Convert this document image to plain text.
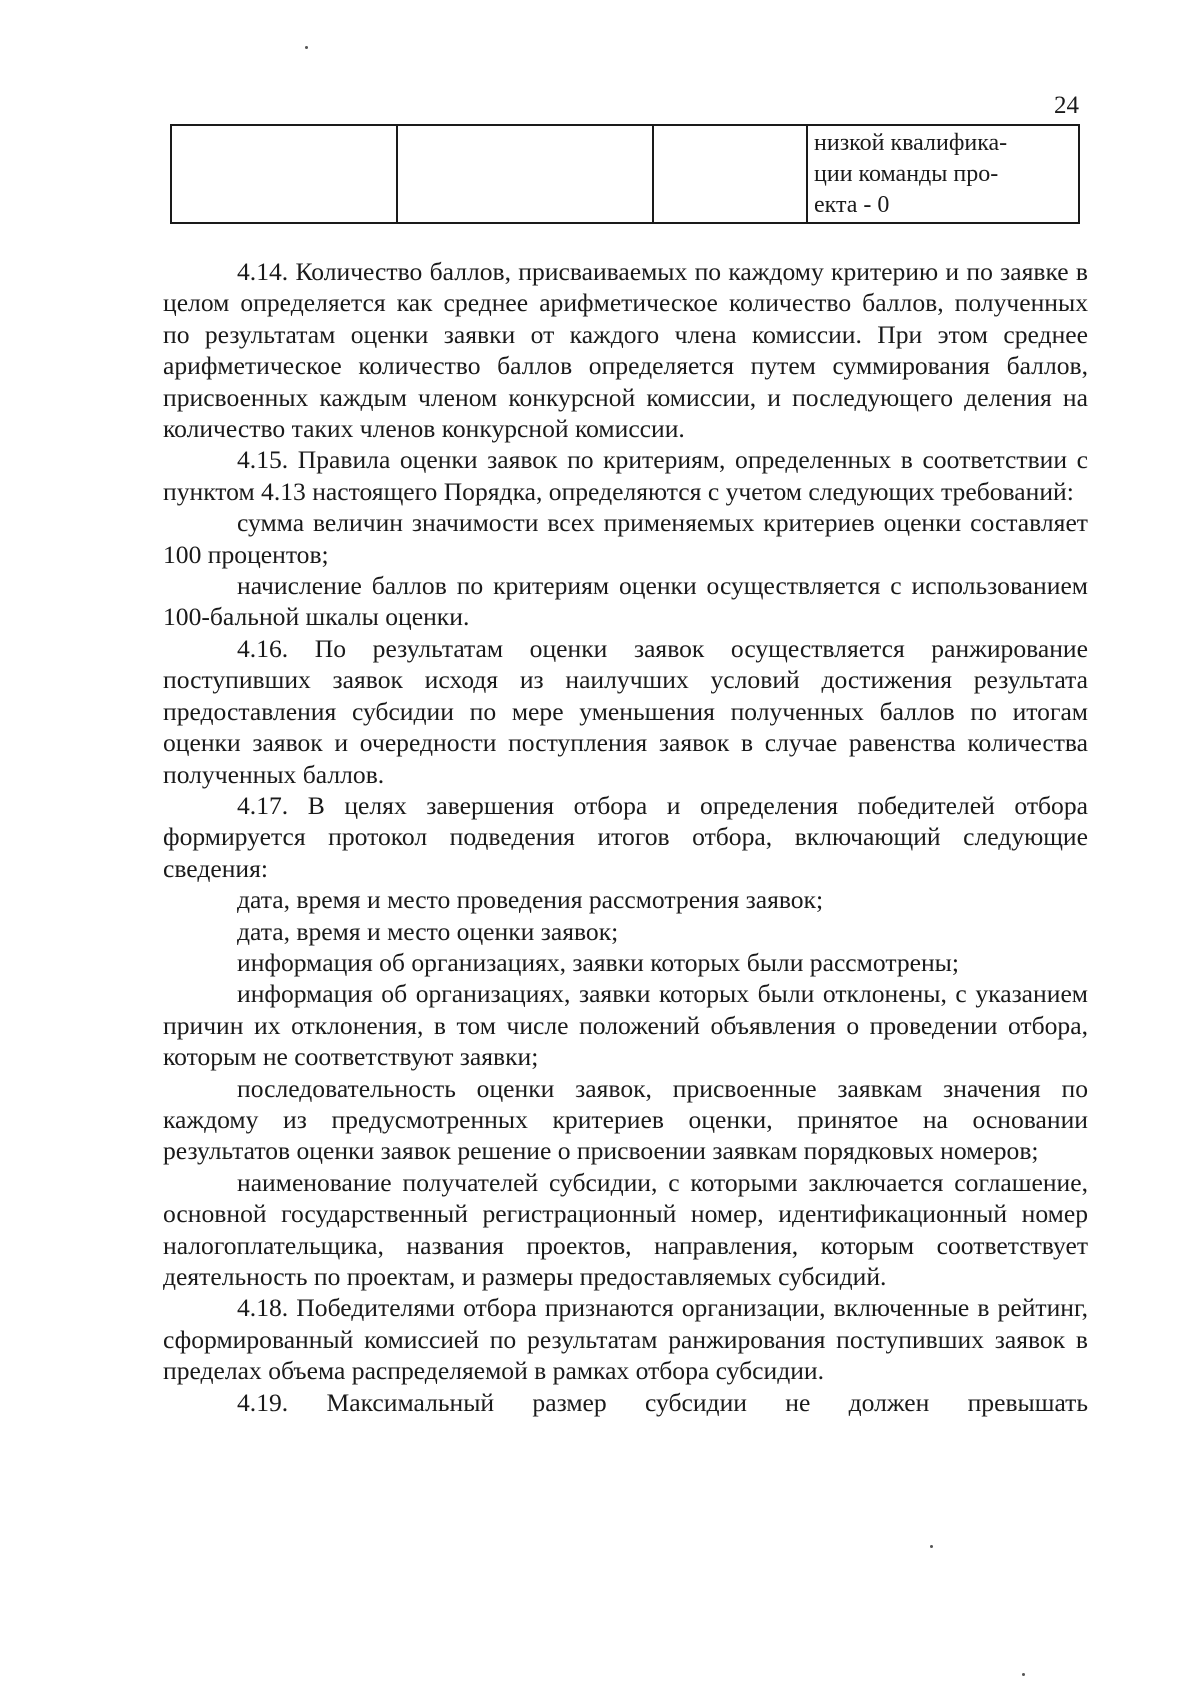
24
			низкой квалифика-
ции команды про-
екта - 0

4.14. Количество баллов, присваиваемых по каждому критерию и по заявке в целом определяется как среднее арифметическое количество баллов, полученных по результатам оценки заявки от каждого члена комиссии. При этом среднее арифметическое количество баллов определяется путем суммирования баллов, присвоенных каждым членом конкурсной комиссии, и последующего деления на количество таких членов конкурсной комиссии.

4.15. Правила оценки заявок по критериям, определенных в соответствии с пунктом 4.13 настоящего Порядка, определяются с учетом следующих требований:

сумма величин значимости всех применяемых критериев оценки составляет 100 процентов;

начисление баллов по критериям оценки осуществляется с использованием 100-бальной шкалы оценки.

4.16. По результатам оценки заявок осуществляется ранжирование поступивших заявок исходя из наилучших условий достижения результата предоставления субсидии по мере уменьшения полученных баллов по итогам оценки заявок и очередности поступления заявок в случае равенства количества полученных баллов.

4.17. В целях завершения отбора и определения победителей отбора формируется протокол подведения итогов отбора, включающий следующие сведения:

дата, время и место проведения рассмотрения заявок;

дата, время и место оценки заявок;

информация об организациях, заявки которых были рассмотрены;

информация об организациях, заявки которых были отклонены, с указанием причин их отклонения, в том числе положений объявления о проведении отбора, которым не соответствуют заявки;

последовательность оценки заявок, присвоенные заявкам значения по каждому из предусмотренных критериев оценки, принятое на основании результатов оценки заявок решение о присвоении заявкам порядковых номеров;

наименование получателей субсидии, с которыми заключается соглашение, основной государственный регистрационный номер, идентификационный номер налогоплательщика, названия проектов, направления, которым соответствует деятельность по проектам, и размеры предоставляемых субсидий.

4.18. Победителями отбора признаются организации, включенные в рейтинг, сформированный комиссией по результатам ранжирования поступивших заявок в пределах объема распределяемой в рамках отбора субсидии.

4.19. Максимальный размер субсидии не должен превышать
